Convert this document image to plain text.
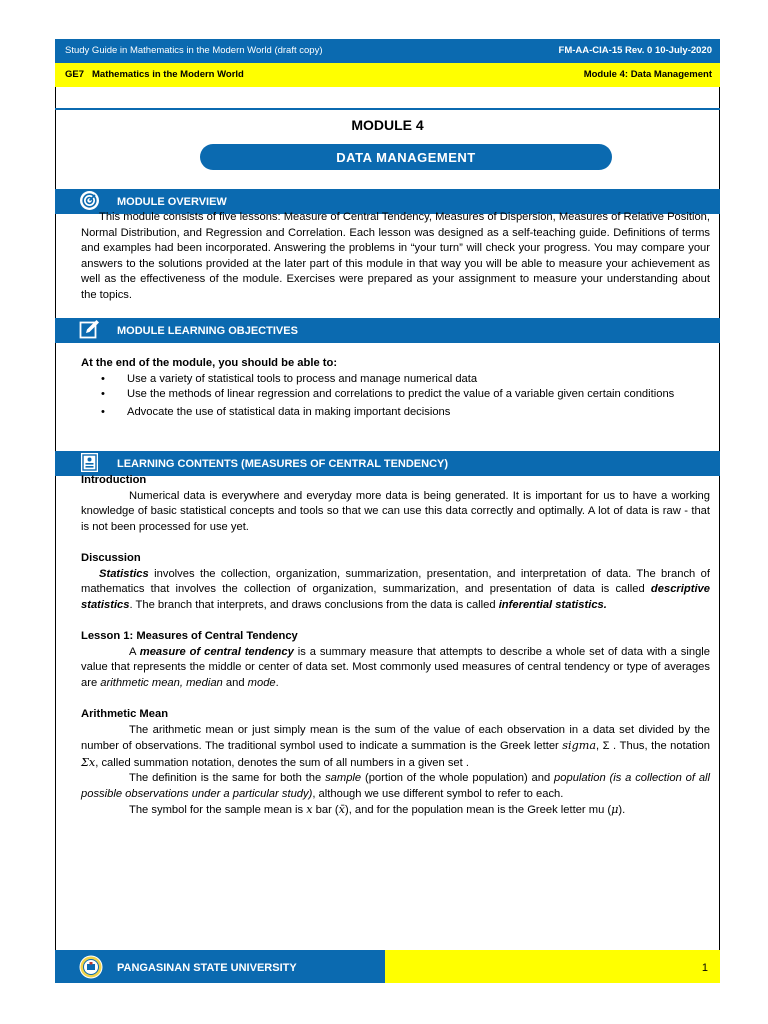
Study Guide in Mathematics in the Modern World (draft copy)	FM-AA-CIA-15 Rev. 0 10-July-2020
GE7 Mathematics in the Modern World	Module 4: Data Management
MODULE 4
DATA MANAGEMENT
MODULE OVERVIEW

This module consists of five lessons: Measure of Central Tendency, Measures of Dispersion, Measures of Relative Position, Normal Distribution, and Regression and Correlation. Each lesson was designed as a self-teaching guide. Definitions of terms and examples had been incorporated. Answering the problems in “your turn” will check your progress. You may compare your answers to the solutions provided at the later part of this module in that way you will be able to measure your achievement as well as the effectiveness of the module. Exercises were prepared as your assignment to measure your understanding about the topics.

MODULE LEARNING OBJECTIVES

At the end of the module, you should be able to:

• Use a variety of statistical tools to process and manage numerical data
• Use the methods of linear regression and correlations to predict the value of a variable given certain conditions
• Advocate the use of statistical data in making important decisions
LEARNING CONTENTS (MEASURES OF CENTRAL TENDENCY)

Introduction

Numerical data is everywhere and everyday more data is being generated. It is important for us to have a working knowledge of basic statistical concepts and tools so that we can use this data correctly and optimally. A lot of data is raw - that is not been processed for use yet.

Discussion

Statistics involves the collection, organization, summarization, presentation, and interpretation of data. The branch of mathematics that involves the collection of organization, summarization, and presentation of data is called descriptive statistics. The branch that interprets, and draws conclusions from the data is called inferential statistics.

Lesson 1: Measures of Central Tendency

A measure of central tendency is a summary measure that attempts to describe a whole set of data with a single value that represents the middle or center of data set. Most commonly used measures of central tendency or type of averages are arithmetic mean, median and mode.

Arithmetic Mean

The arithmetic mean or just simply mean is the sum of the value of each observation in a data set divided by the number of observations. The traditional symbol used to indicate a summation is the Greek letter sigma, Σ . Thus, the notation Σx, called summation notation, denotes the sum of all numbers in a given set .

The definition is the same for both the sample (portion of the whole population) and population (is a collection of all possible observations under a particular study), although we use different symbol to refer to each.

The symbol for the sample mean is x bar (x̄), and for the population mean is the Greek letter mu (μ).

PANGASINAN STATE UNIVERSITY	1
